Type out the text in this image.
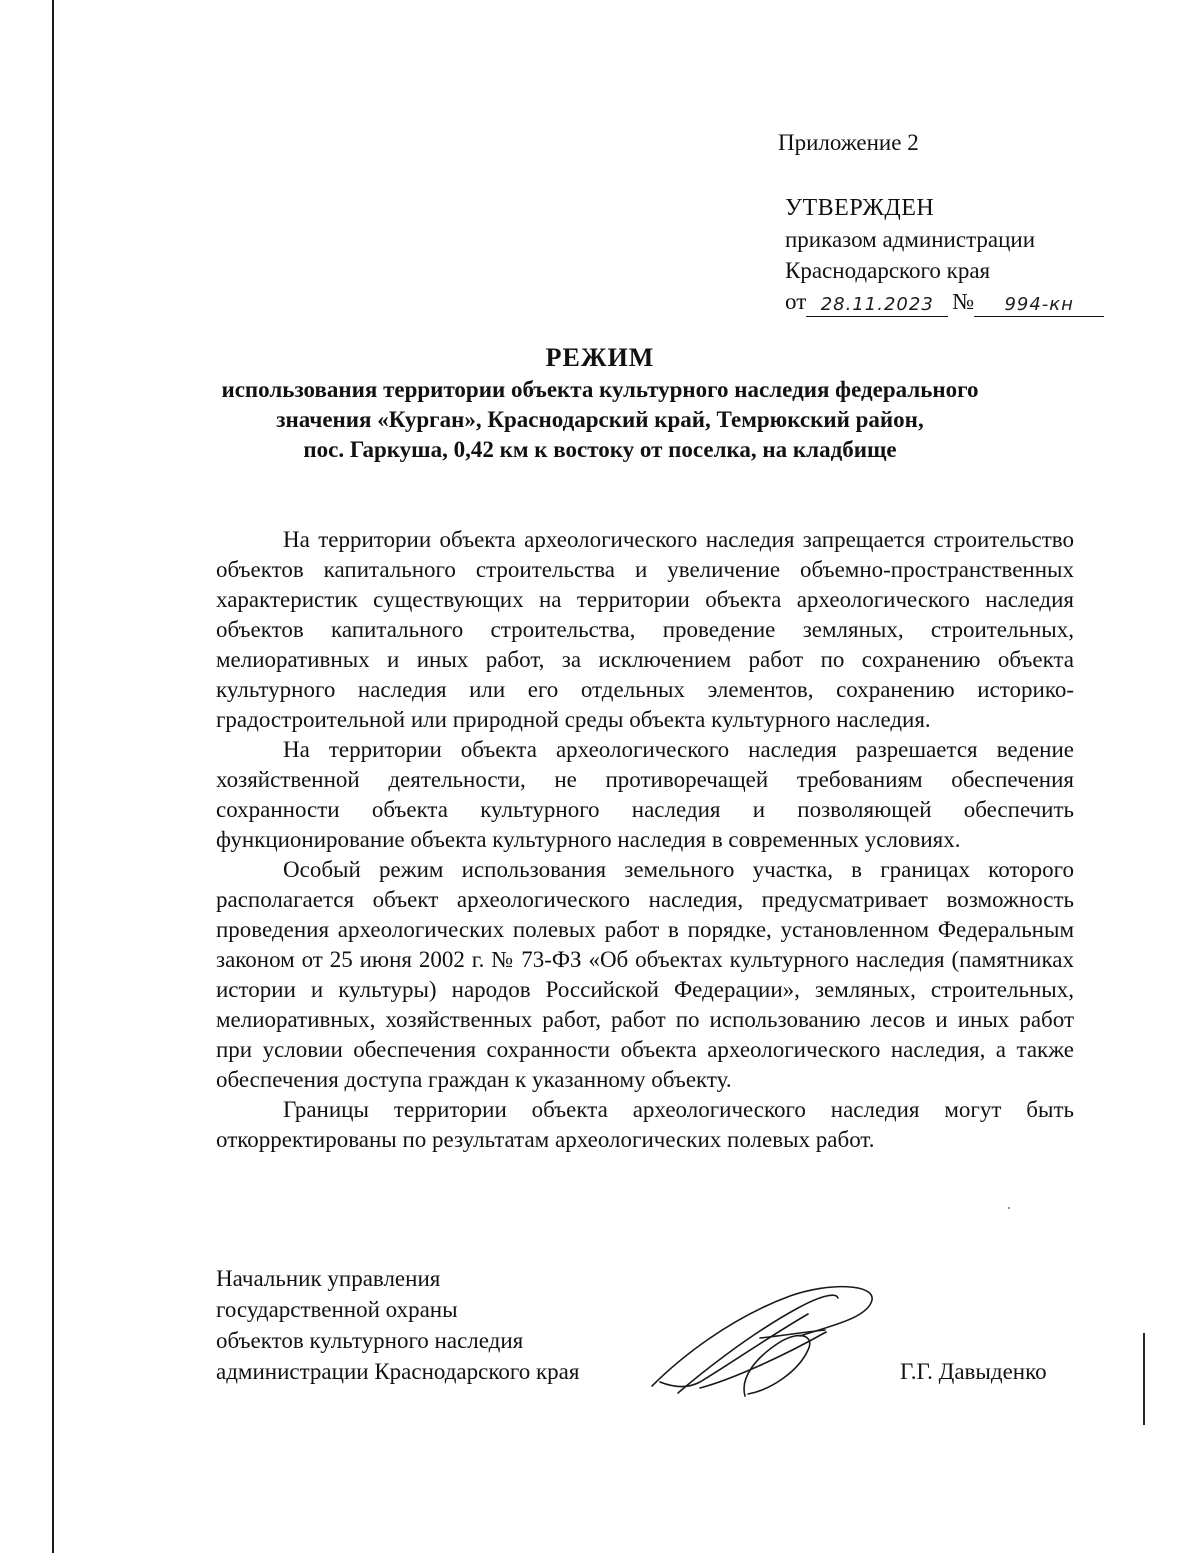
Приложение 2
УТВЕРЖДЕН
приказом администрации
Краснодарского края
от 28.11.2023 №	994-кн
РЕЖИМ
использования территории объекта культурного наследия федерального
значения «Курган», Краснодарский край, Темрюкский район,
пос. Гаркуша, 0,42 км к востоку от поселка, на кладбище

На территории объекта археологического наследия запрещается строительство объектов капитального строительства и увеличение объемно-пространственных характеристик существующих на территории объекта археологического наследия объектов капитального строительства, проведение земляных, строительных, мелиоративных и иных работ, за исключением работ по сохранению объекта культурного наследия или его отдельных элементов, сохранению историко-градостроительной или природной среды объекта культурного наследия.

На территории объекта археологического наследия разрешается ведение хозяйственной деятельности, не противоречащей требованиям обеспечения сохранности объекта культурного наследия и позволяющей обеспечить функционирование объекта культурного наследия в современных условиях.

Особый режим использования земельного участка, в границах которого располагается объект археологического наследия, предусматривает возможность проведения археологических полевых работ в порядке, установленном Федеральным законом от 25 июня 2002 г. № 73-ФЗ «Об объектах культурного наследия (памятниках истории и культуры) народов Российской Федерации», земляных, строительных, мелиоративных, хозяйственных работ, работ по использованию лесов и иных работ при условии обеспечения сохранности объекта археологического наследия, а также обеспечения доступа граждан к указанному объекту.

Границы территории объекта археологического наследия могут быть откорректированы по результатам археологических полевых работ.

Начальник управления
государственной охраны
объектов культурного наследия
администрации Краснодарского края	Г.Г. Давыденко
